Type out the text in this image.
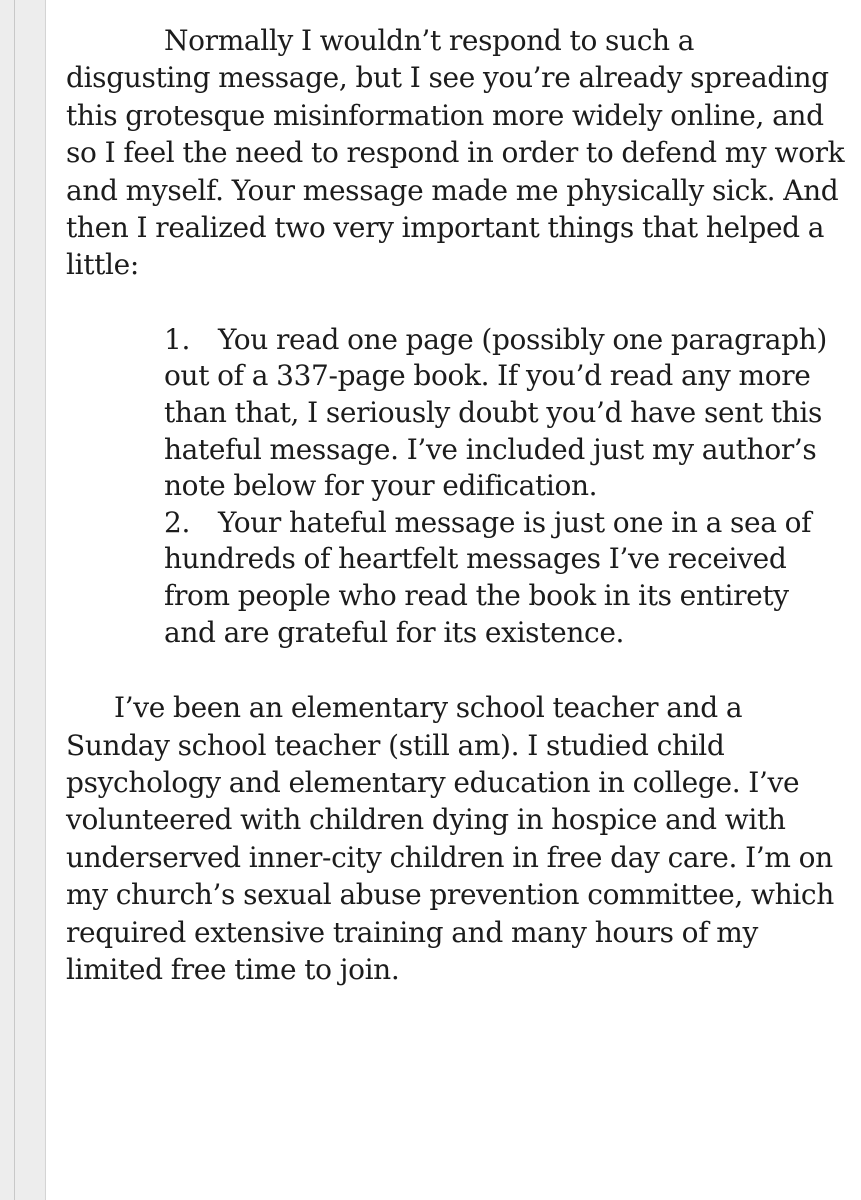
Normally I wouldn’t respond to such a disgusting message, but I see you’re already spreading this grotesque misinformation more widely online, and so I feel the need to respond in order to defend my work and myself. Your message made me physically sick. And then I realized two very important things that helped a little:

1. You read one page (possibly one paragraph) out of a 337-page book. If you’d read any more than that, I seriously doubt you’d have sent this hateful message. I’ve included just my author’s note below for your edification.
2. Your hateful message is just one in a sea of hundreds of heartfelt messages I’ve received from people who read the book in its entirety and are grateful for its existence.

I’ve been an elementary school teacher and a Sunday school teacher (still am). I studied child psychology and elementary education in college. I’ve volunteered with children dying in hospice and with underserved inner-city children in free day care. I’m on my church’s sexual abuse prevention committee, which required extensive training and many hours of my limited free time to join.
